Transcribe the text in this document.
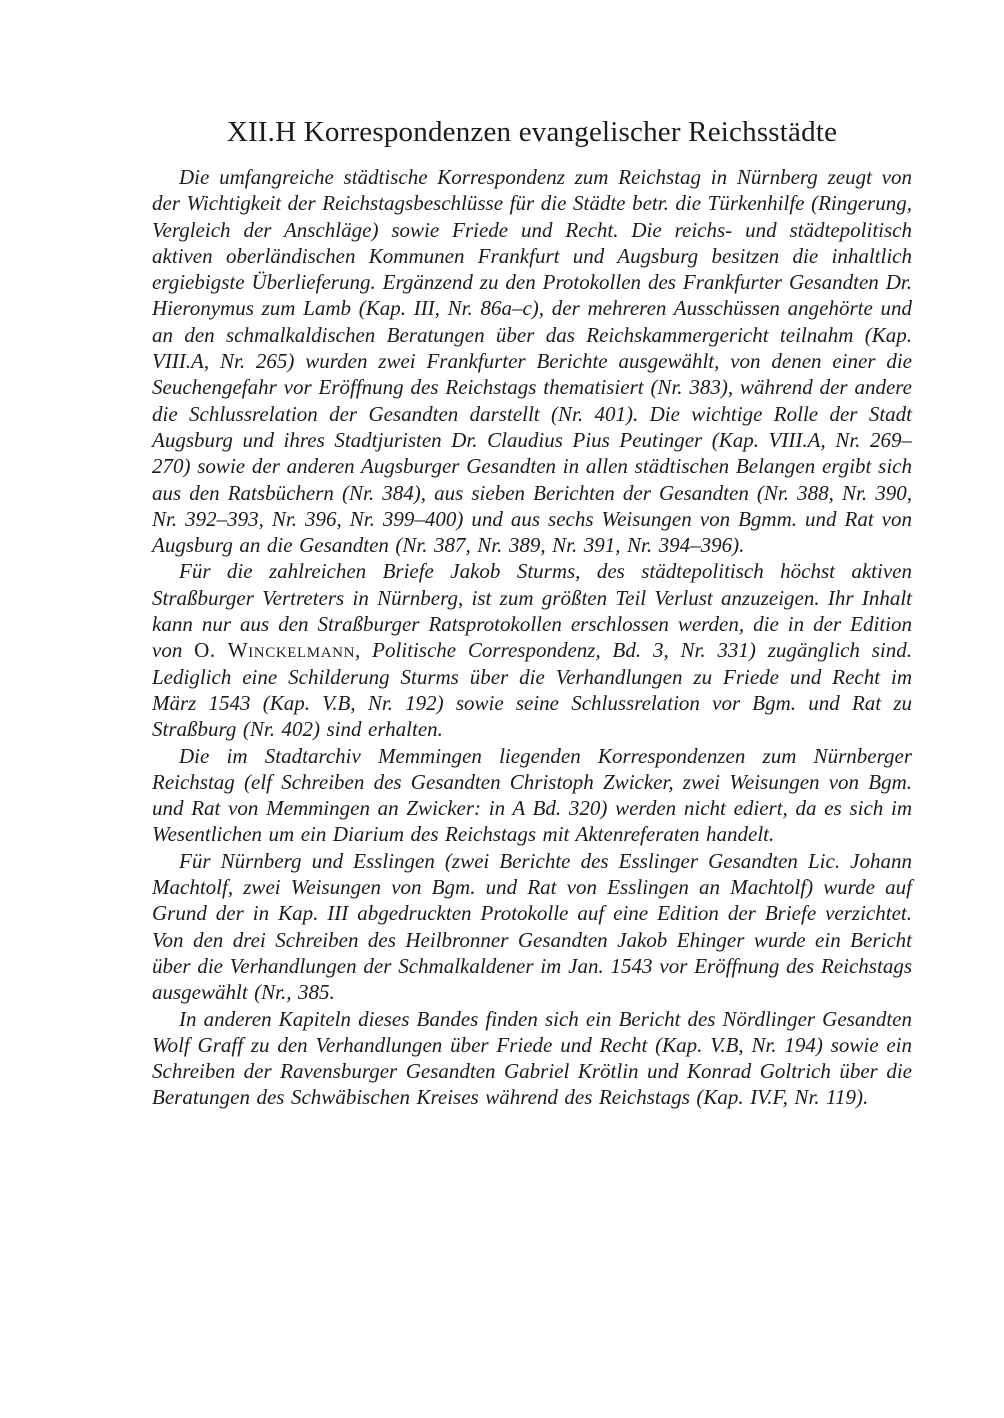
XII.H Korrespondenzen evangelischer Reichsstädte

Die umfangreiche städtische Korrespondenz zum Reichstag in Nürnberg zeugt von der Wichtigkeit der Reichstagsbeschlüsse für die Städte betr. die Türkenhilfe (Ringerung, Vergleich der Anschläge) sowie Friede und Recht. Die reichs- und städtepolitisch aktiven oberländischen Kommunen Frankfurt und Augsburg besitzen die inhaltlich ergiebigste Überlieferung. Ergänzend zu den Protokollen des Frankfurter Gesandten Dr. Hieronymus zum Lamb (Kap. III, Nr. 86a–c), der mehreren Ausschüssen angehörte und an den schmalkaldischen Beratungen über das Reichskammergericht teilnahm (Kap. VIII.A, Nr. 265) wurden zwei Frankfurter Berichte ausgewählt, von denen einer die Seuchengefahr vor Eröffnung des Reichstags thematisiert (Nr. 383), während der andere die Schlussrelation der Gesandten darstellt (Nr. 401). Die wichtige Rolle der Stadt Augsburg und ihres Stadtjuristen Dr. Claudius Pius Peutinger (Kap. VIII.A, Nr. 269–270) sowie der anderen Augsburger Gesandten in allen städtischen Belangen ergibt sich aus den Ratsbüchern (Nr. 384), aus sieben Berichten der Gesandten (Nr. 388, Nr. 390, Nr. 392–393, Nr. 396, Nr. 399–400) und aus sechs Weisungen von Bgmm. und Rat von Augsburg an die Gesandten (Nr. 387, Nr. 389, Nr. 391, Nr. 394–396).

Für die zahlreichen Briefe Jakob Sturms, des städtepolitisch höchst aktiven Straßburger Vertreters in Nürnberg, ist zum größten Teil Verlust anzuzeigen. Ihr Inhalt kann nur aus den Straßburger Ratsprotokollen erschlossen werden, die in der Edition von O. Winckelmann, Politische Correspondenz, Bd. 3, Nr. 331) zugänglich sind. Lediglich eine Schilderung Sturms über die Verhandlungen zu Friede und Recht im März 1543 (Kap. V.B, Nr. 192) sowie seine Schlussrelation vor Bgm. und Rat zu Straßburg (Nr. 402) sind erhalten.

Die im Stadtarchiv Memmingen liegenden Korrespondenzen zum Nürnberger Reichstag (elf Schreiben des Gesandten Christoph Zwicker, zwei Weisungen von Bgm. und Rat von Memmingen an Zwicker: in A Bd. 320) werden nicht ediert, da es sich im Wesentlichen um ein Diarium des Reichstags mit Aktenreferaten handelt.

Für Nürnberg und Esslingen (zwei Berichte des Esslinger Gesandten Lic. Johann Machtolf, zwei Weisungen von Bgm. und Rat von Esslingen an Machtolf) wurde auf Grund der in Kap. III abgedruckten Protokolle auf eine Edition der Briefe verzichtet. Von den drei Schreiben des Heilbronner Gesandten Jakob Ehinger wurde ein Bericht über die Verhandlungen der Schmalkaldener im Jan. 1543 vor Eröffnung des Reichstags ausgewählt (Nr., 385.

In anderen Kapiteln dieses Bandes finden sich ein Bericht des Nördlinger Gesandten Wolf Graff zu den Verhandlungen über Friede und Recht (Kap. V.B, Nr. 194) sowie ein Schreiben der Ravensburger Gesandten Gabriel Krötlin und Konrad Goltrich über die Beratungen des Schwäbischen Kreises während des Reichstags (Kap. IV.F, Nr. 119).
